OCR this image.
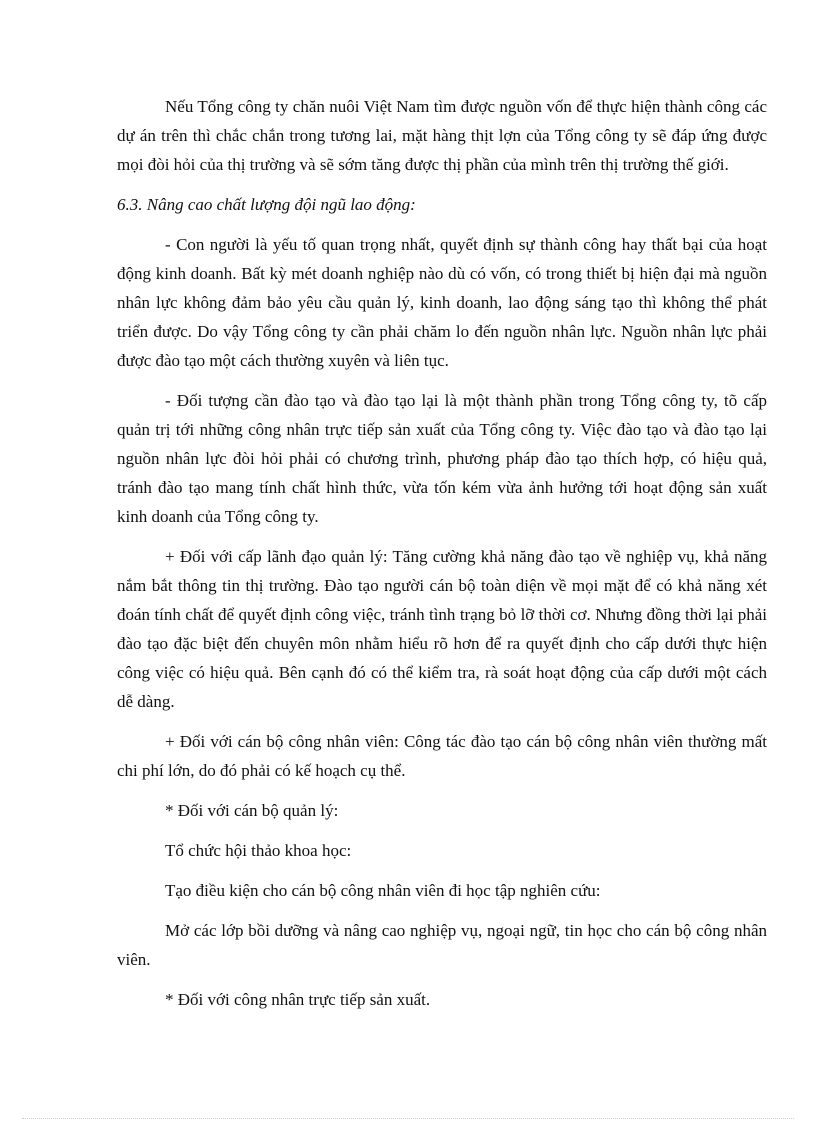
Nếu Tổng công ty chăn nuôi Việt Nam tìm được nguồn vốn để thực hiện thành công các dự án trên thì chắc chắn trong tương lai, mặt hàng thịt lợn của Tổng công ty sẽ đáp ứng được mọi đòi hỏi của thị trường và sẽ sớm tăng được thị phần của mình trên thị trường thế giới.

6.3. Nâng cao chất lượng đội ngũ lao động:

- Con người là yếu tố quan trọng nhất, quyết định sự thành công hay thất bại của hoạt động kinh doanh. Bất kỳ mét doanh nghiệp nào dù có vốn, có trong thiết bị hiện đại mà nguồn nhân lực không đảm bảo yêu cầu quản lý, kinh doanh, lao động sáng tạo thì không thể phát triển được. Do vậy Tổng công ty cần phải chăm lo đến nguồn nhân lực. Nguồn nhân lực phải được đào tạo một cách thường xuyên và liên tục.

- Đối tượng cần đào tạo và đào tạo lại là một thành phần trong Tổng công ty, tõ cấp quản trị tới những công nhân trực tiếp sản xuất của Tổng công ty. Việc đào tạo và đào tạo lại nguồn nhân lực đòi hỏi phải có chương trình, phương pháp đào tạo thích hợp, có hiệu quả, tránh đào tạo mang tính chất hình thức, vừa tốn kém vừa ảnh hưởng tới hoạt động sản xuất kinh doanh của Tổng công ty.

+ Đối với cấp lãnh đạo quản lý: Tăng cường khả năng đào tạo về nghiệp vụ, khả năng nắm bắt thông tin thị trường. Đào tạo người cán bộ toàn diện về mọi mặt để có khả năng xét đoán tính chất để quyết định công việc, tránh tình trạng bỏ lỡ thời cơ. Nhưng đồng thời lại phải đào tạo đặc biệt đến chuyên môn nhằm hiểu rõ hơn để ra quyết định cho cấp dưới thực hiện công việc có hiệu quả. Bên cạnh đó có thể kiểm tra, rà soát hoạt động của cấp dưới một cách dễ dàng.

+ Đối với cán bộ công nhân viên: Công tác đào tạo cán bộ công nhân viên thường mất chi phí lớn, do đó phải có kế hoạch cụ thể.

* Đối với cán bộ quản lý:

Tổ chức hội thảo khoa học:

Tạo điều kiện cho cán bộ công nhân viên đi học tập nghiên cứu:

Mở các lớp bồi dưỡng và nâng cao nghiệp vụ, ngoại ngữ, tin học cho cán bộ công nhân viên.

* Đối với công nhân trực tiếp sản xuất.
